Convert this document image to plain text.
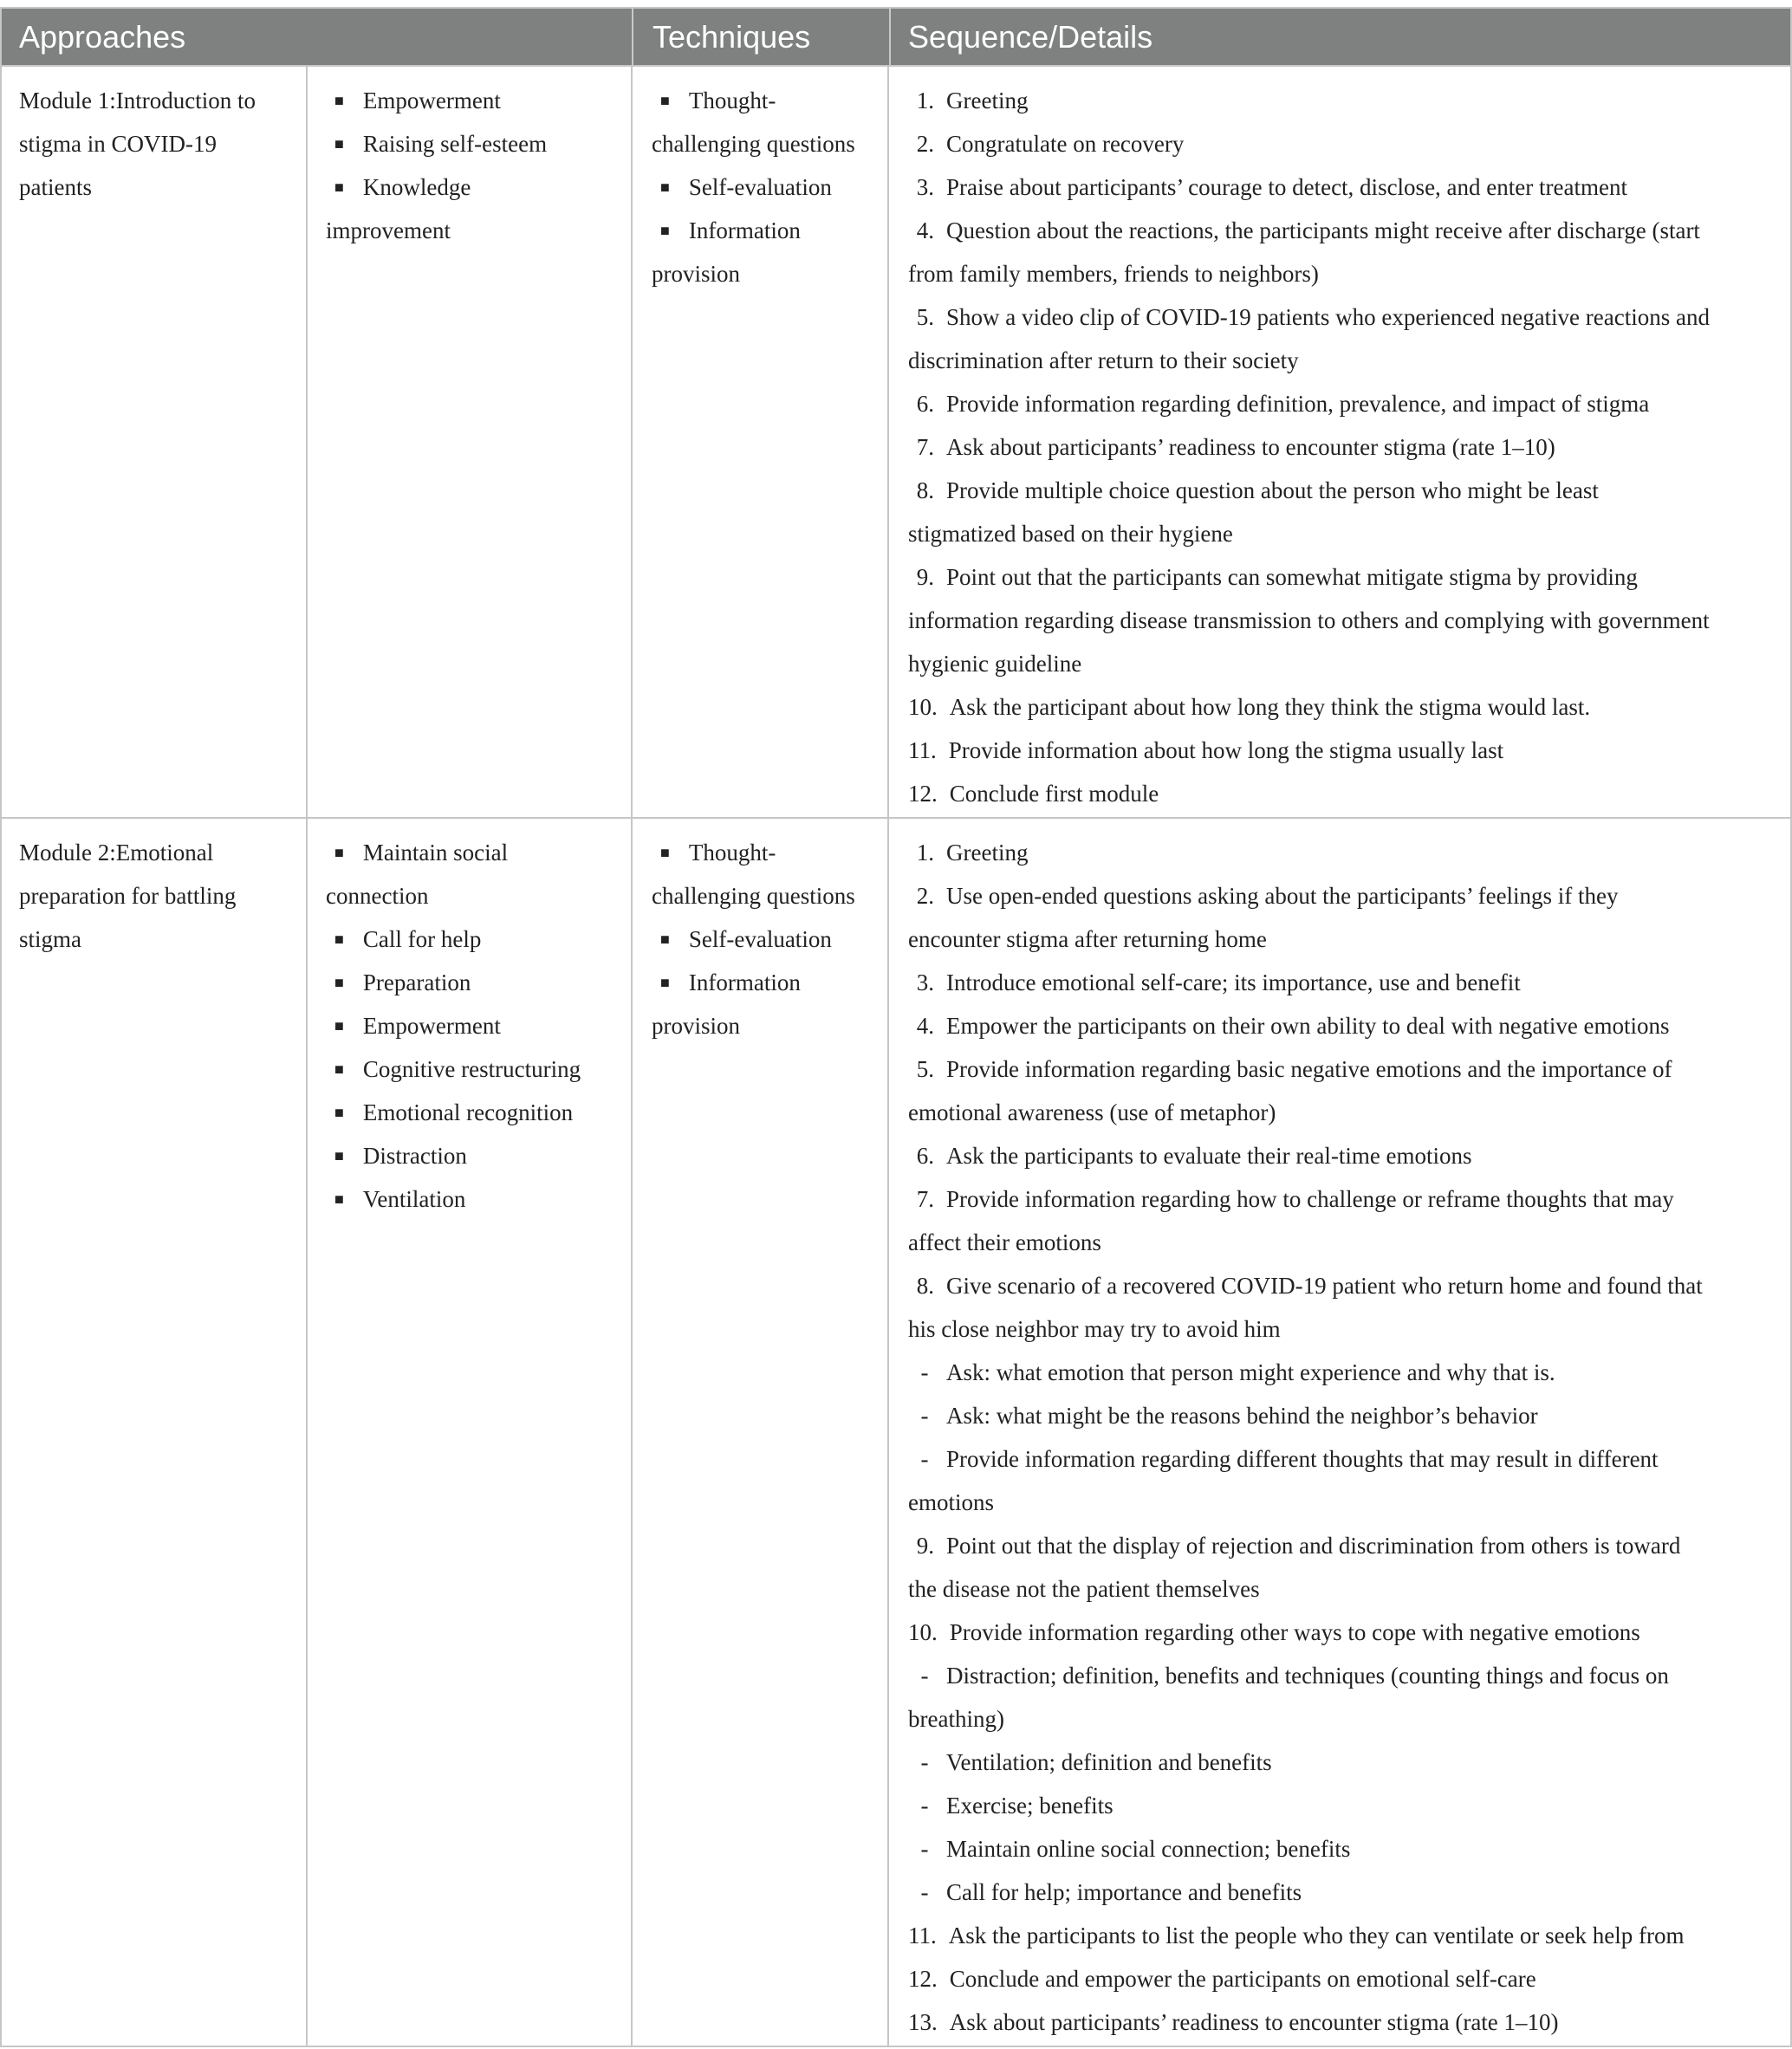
Approaches	Techniques	Sequence/Details
Module 1:Introduction to
stigma in COVID-19
patients
■ Empowerment
■ Raising self-esteem
■ Knowledge
improvement
■ Thought-
challenging questions
■ Self-evaluation
■ Information
provision
1. Greeting
2. Congratulate on recovery
3. Praise about participants’ courage to detect, disclose, and enter treatment
4. Question about the reactions, the participants might receive after discharge (start
from family members, friends to neighbors)
5. Show a video clip of COVID-19 patients who experienced negative reactions and
discrimination after return to their society
6. Provide information regarding definition, prevalence, and impact of stigma
7. Ask about participants’ readiness to encounter stigma (rate 1–10)
8. Provide multiple choice question about the person who might be least
stigmatized based on their hygiene
9. Point out that the participants can somewhat mitigate stigma by providing
information regarding disease transmission to others and complying with government
hygienic guideline
10. Ask the participant about how long they think the stigma would last.
11. Provide information about how long the stigma usually last
12. Conclude first module
Module 2:Emotional
preparation for battling
stigma
■ Maintain social
connection
■ Call for help
■ Preparation
■ Empowerment
■ Cognitive restructuring
■ Emotional recognition
■ Distraction
■ Ventilation
■ Thought-
challenging questions
■ Self-evaluation
■ Information
provision
1. Greeting
2. Use open-ended questions asking about the participants’ feelings if they
encounter stigma after returning home
3. Introduce emotional self-care; its importance, use and benefit
4. Empower the participants on their own ability to deal with negative emotions
5. Provide information regarding basic negative emotions and the importance of
emotional awareness (use of metaphor)
6. Ask the participants to evaluate their real-time emotions
7. Provide information regarding how to challenge or reframe thoughts that may
affect their emotions
8. Give scenario of a recovered COVID-19 patient who return home and found that
his close neighbor may try to avoid him
- Ask: what emotion that person might experience and why that is.
- Ask: what might be the reasons behind the neighbor’s behavior
- Provide information regarding different thoughts that may result in different
emotions
9. Point out that the display of rejection and discrimination from others is toward
the disease not the patient themselves
10. Provide information regarding other ways to cope with negative emotions
- Distraction; definition, benefits and techniques (counting things and focus on
breathing)
- Ventilation; definition and benefits
- Exercise; benefits
- Maintain online social connection; benefits
- Call for help; importance and benefits
11. Ask the participants to list the people who they can ventilate or seek help from
12. Conclude and empower the participants on emotional self-care
13. Ask about participants’ readiness to encounter stigma (rate 1–10)
